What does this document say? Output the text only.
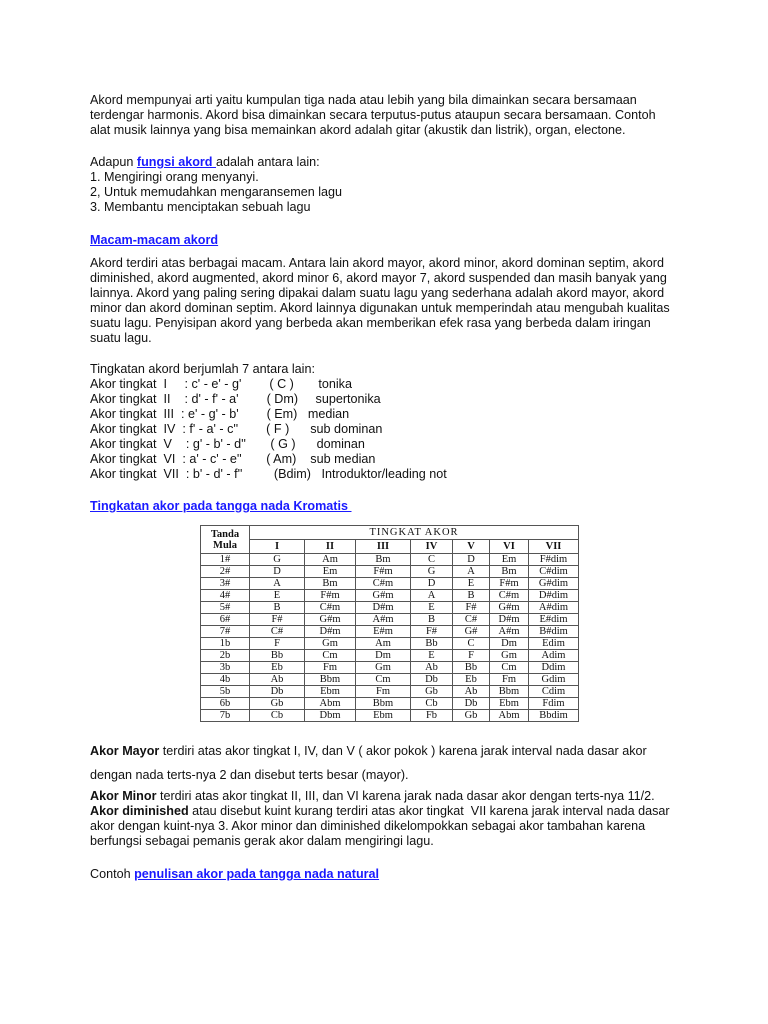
Akord mempunyai arti yaitu kumpulan tiga nada atau lebih yang bila dimainkan secara bersamaan

terdengar harmonis. Akord bisa dimainkan secara terputus-putus ataupun secara bersamaan. Contoh

alat musik lainnya yang bisa memainkan akord adalah gitar (akustik dan listrik), organ, electone.

Adapun fungsi akord adalah antara lain:

1. Mengiringi orang menyanyi.

2, Untuk memudahkan mengaransemen lagu

3. Membantu menciptakan sebuah lagu

Macam-macam akord

Akord terdiri atas berbagai macam. Antara lain akord mayor, akord minor, akord dominan septim, akord

diminished, akord augmented, akord minor 6, akord mayor 7, akord suspended dan masih banyak yang

lainnya. Akord yang paling sering dipakai dalam suatu lagu yang sederhana adalah akord mayor, akord

minor dan akord dominan septim. Akord lainnya digunakan untuk memperindah atau mengubah kualitas

suatu lagu. Penyisipan akord yang berbeda akan memberikan efek rasa yang berbeda dalam iringan

suatu lagu.

Tingkatan akord berjumlah 7 antara lain:

Akor tingkat  I     : c' - e' - g'        ( C )       tonika

Akor tingkat  II    : d' - f' - a'        ( Dm)     supertonika

Akor tingkat  III  : e' - g' - b'        ( Em)   median

Akor tingkat  IV  : f' - a' - c''        ( F )      sub dominan

Akor tingkat  V    : g' - b' - d''       ( G )      dominan

Akor tingkat  VI  : a' - c' - e''       ( Am)    sub median

Akor tingkat  VII  : b' - d' - f''         (Bdim)   Introduktor/leading not

Tingkatan akor pada tangga nada Kromatis
Tanda
Mula	TINGKAT AKOR						
	I	II	III	IV	V	VI	VII
1#	G	Am	Bm	C	D	Em	F#dim
2#	D	Em	F#m	G	A	Bm	C#dim
3#	A	Bm	C#m	D	E	F#m	G#dim
4#	E	F#m	G#m	A	B	C#m	D#dim
5#	B	C#m	D#m	E	F#	G#m	A#dim
6#	F#	G#m	A#m	B	C#	D#m	E#dim
7#	C#	D#m	E#m	F#	G#	A#m	B#dim
1b	F	Gm	Am	Bb	C	Dm	Edim
2b	Bb	Cm	Dm	E	F	Gm	Adim
3b	Eb	Fm	Gm	Ab	Bb	Cm	Ddim
4b	Ab	Bbm	Cm	Db	Eb	Fm	Gdim
5b	Db	Ebm	Fm	Gb	Ab	Bbm	Cdim
6b	Gb	Abm	Bbm	Cb	Db	Ebm	Fdim
7b	Cb	Dbm	Ebm	Fb	Gb	Abm	Bbdim

Akor Mayor terdiri atas akor tingkat I, IV, dan V ( akor pokok ) karena jarak interval nada dasar akor

dengan nada terts-nya 2 dan disebut terts besar (mayor).

Akor Minor terdiri atas akor tingkat II, III, dan VI karena jarak nada dasar akor dengan terts-nya 11/2.

Akor diminished atau disebut kuint kurang terdiri atas akor tingkat  VII karena jarak interval nada dasar

akor dengan kuint-nya 3. Akor minor dan diminished dikelompokkan sebagai akor tambahan karena

berfungsi sebagai pemanis gerak akor dalam mengiringi lagu.

Contoh penulisan akor pada tangga nada natural
